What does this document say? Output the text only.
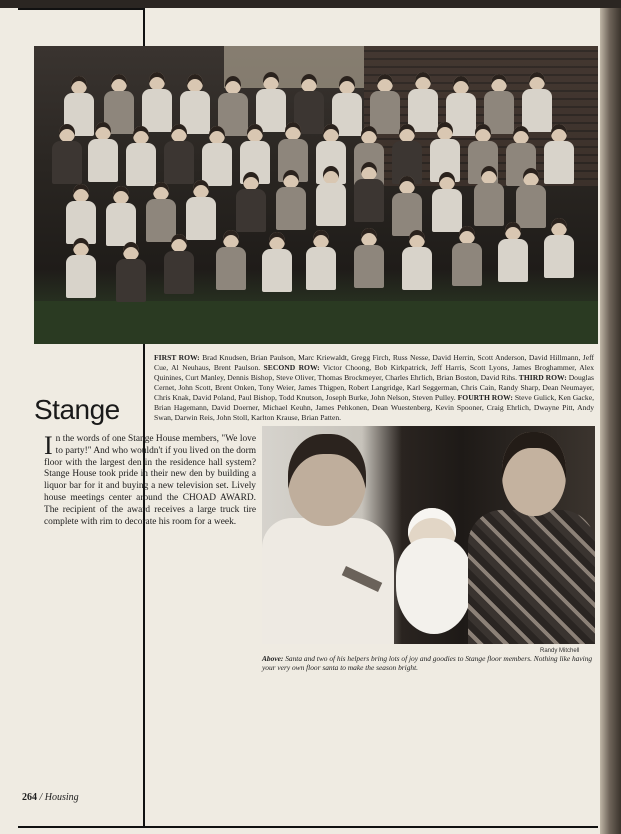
FIRST ROW: Brad Knudsen, Brian Paulson, Marc Kriewaldt, Gregg Firch, Russ Nesse, David Herrin, Scott Anderson, David Hillmann, Jeff Cue, Al Neuhaus, Brent Paulson. SECOND ROW: Victor Choong, Bob Kirkpatrick, Jeff Harris, Scott Lyons, James Broghammer, Alex Quinines, Curt Manley, Dennis Bishop, Steve Oliver, Thomas Brockmeyer, Charles Ehrlich, Brian Boston, David Rihs. THIRD ROW: Douglas Cernet, John Scott, Brent Onken, Tony Weier, James Thigpen, Robert Langridge, Karl Seggerman, Chris Cain, Randy Sharp, Dean Neumayer, Chris Knak, David Poland, Paul Bishop, Todd Knutson, Joseph Burke, John Nelson, Steven Pulley. FOURTH ROW: Steve Gulick, Ken Gacke, Brian Hagemann, David Doerner, Michael Keuhn, James Pehkonen, Dean Wuestenberg, Kevin Spooner, Craig Ehrlich, Dwayne Pitt, Andy Swan, Darwin Reis, John Stoll, Karlton Krause, Brian Patten.
Stange
In the words of one Stange House members, "We love to party!" And who wouldn't if you lived on the dorm floor with the largest den in the residence hall system? Stange House took pride in their new den by building a liquor bar for it and buying a new television set. Lively house meetings center around the CHOAD AWARD. The recipient of the award receives a large truck tire complete with rim to decorate his room for a week.
Randy Mitchell
Above: Santa and two of his helpers bring lots of joy and goodies to Stange floor members. Nothing like having your very own floor santa to make the season bright.
264 / Housing
